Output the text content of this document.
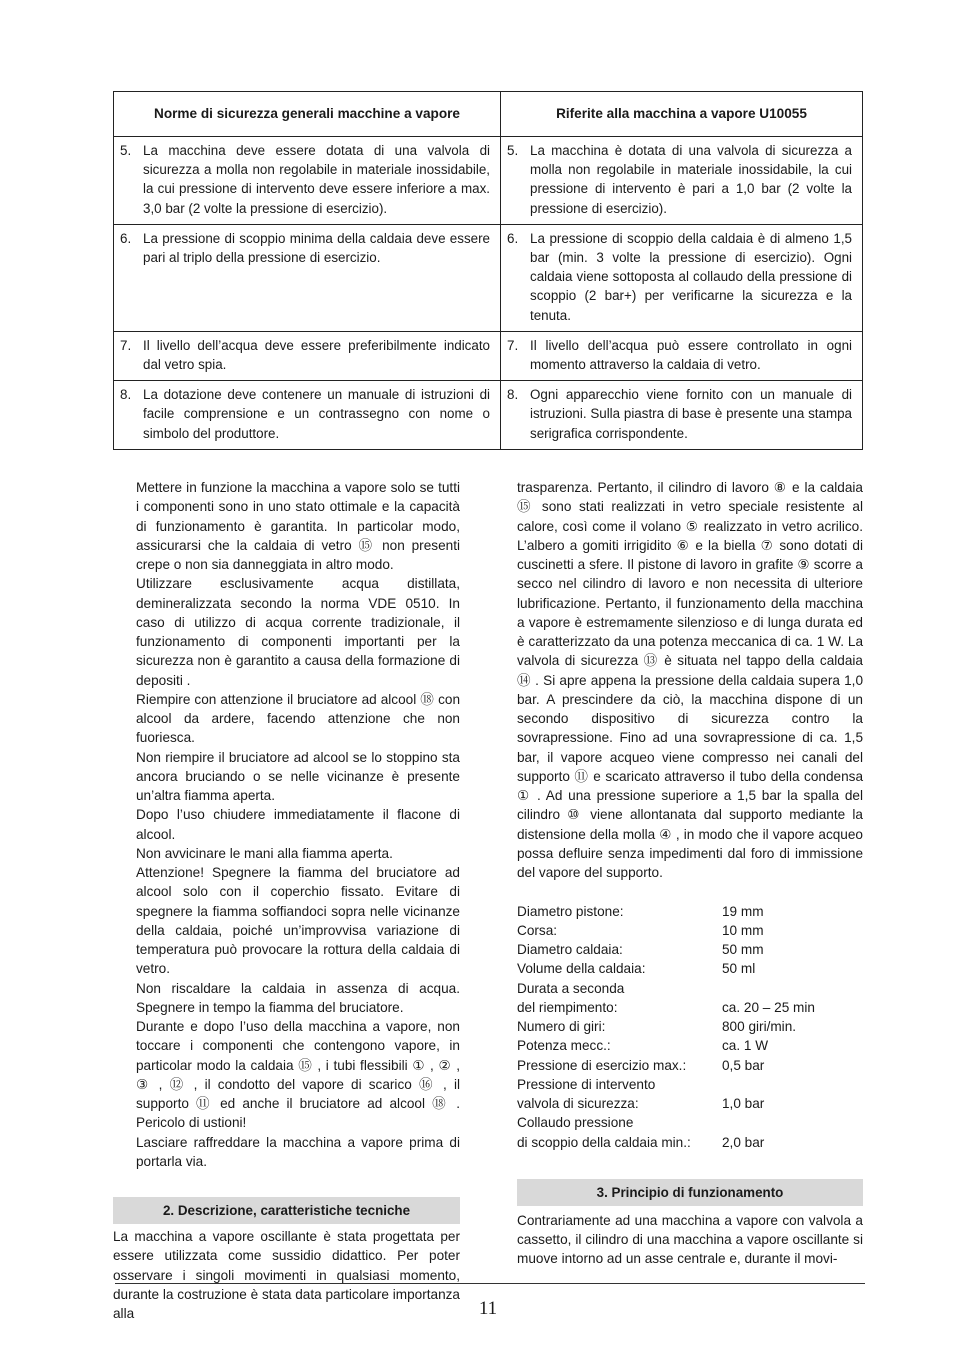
Norme di sicurezza generali macchine a vapore	Riferite alla macchina a vapore U10055

5. La macchina deve essere dotata di una valvola di sicurezza a molla non regolabile in materiale inossidabile, la cui pressione di intervento deve essere inferiore a max. 3,0 bar (2 volte la pressione di esercizio).	5. La macchina è dotata di una valvola di sicurezza a molla non regolabile in materiale inossidabile, la cui pressione di intervento è pari a 1,0 bar (2 volte la pressione di esercizio).

6. La pressione di scoppio minima della caldaia deve essere pari al triplo della pressione di esercizio.	6. La pressione di scoppio della caldaia è di almeno 1,5 bar (min. 3 volte la pressione di esercizio). Ogni caldaia viene sottoposta al collaudo della pressione di scoppio (2 bar+) per verificarne la sicurezza e la tenuta.

7. Il livello dell’acqua deve essere preferibilmente indicato dal vetro spia.	7. Il livello dell’acqua può essere controllato in ogni momento attraverso la caldaia di vetro.

8. La dotazione deve contenere un manuale di istruzioni di facile comprensione e un contrassegno con nome o simbolo del produttore.	8. Ogni apparecchio viene fornito con un manuale di istruzioni. Sulla piastra di base è presente una stampa serigrafica corrispondente.

Mettere in funzione la macchina a vapore solo se tutti i componenti sono in uno stato ottimale e la capacità di funzionamento è garantita. In particolar modo, assicurarsi che la caldaia di vetro ⑮ non presenti crepe o non sia danneggiata in altro modo.

Utilizzare esclusivamente acqua distillata, demineralizzata secondo la norma VDE 0510. In caso di utilizzo di acqua corrente tradizionale, il funzionamento di componenti importanti per la sicurezza non è garantito a causa della formazione di depositi .

Riempire con attenzione il bruciatore ad alcool ⑱ con alcool da ardere, facendo attenzione che non fuoriesca.

Non riempire il bruciatore ad alcool se lo stoppino sta ancora bruciando o se nelle vicinanze è presente un’altra fiamma aperta.

Dopo l’uso chiudere immediatamente il flacone di alcool.

Non avvicinare le mani alla fiamma aperta.

Attenzione! Spegnere la fiamma del bruciatore ad alcool solo con il coperchio fissato. Evitare di spegnere la fiamma soffiandoci sopra nelle vicinanze della caldaia, poiché un’improvvisa variazione di temperatura può provocare la rottura della caldaia di vetro.

Non riscaldare la caldaia in assenza di acqua. Spegnere in tempo la fiamma del bruciatore.

Durante e dopo l’uso della macchina a vapore, non toccare i componenti che contengono vapore, in particolar modo la caldaia ⑮ , i tubi flessibili ① , ② , ③ , ⑫ , il condotto del vapore di scarico ⑯ , il supporto ⑪ ed anche il bruciatore ad alcool ⑱ . Pericolo di ustioni!

Lasciare raffreddare la macchina a vapore prima di portarla via.

2. Descrizione, caratteristiche tecniche

La macchina a vapore oscillante è stata progettata per essere utilizzata come sussidio didattico. Per poter osservare i singoli movimenti in qualsiasi momento, durante la costruzione è stata data particolare importanza alla

trasparenza. Pertanto, il cilindro di lavoro ⑧ e la caldaia ⑮ sono stati realizzati in vetro speciale resistente al calore, così come il volano ⑤ realizzato in vetro acrilico. L’albero a gomiti irrigidito ⑥ e la biella ⑦ sono dotati di cuscinetti a sfere. Il pistone di lavoro in grafite ⑨ scorre a secco nel cilindro di lavoro e non necessita di ulteriore lubrificazione. Pertanto, il funzionamento della macchina a vapore è estremamente silenzioso e di lunga durata ed è caratterizzato da una potenza meccanica di ca. 1 W. La valvola di sicurezza ⑬ è situata nel tappo della caldaia ⑭ . Si apre appena la pressione della caldaia supera 1,0 bar. A prescindere da ciò, la macchina dispone di un secondo dispositivo di sicurezza contro la sovrapressione. Fino ad una sovrapressione di ca. 1,5 bar, il vapore acqueo viene compresso nei canali del supporto ⑪ e scaricato attraverso il tubo della condensa ① . Ad una pressione superiore a 1,5 bar la spalla del cilindro ⑩ viene allontanata dal supporto mediante la distensione della molla ④ , in modo che il vapore acqueo possa defluire senza impedimenti dal foro di immissione del vapore del supporto.

Diametro pistone:	19 mm
Corsa:	10 mm
Diametro caldaia:	50 mm
Volume della caldaia:	50 ml
Durata a seconda
del riempimento:	ca. 20 – 25 min
Numero di giri:	800 giri/min.
Potenza mecc.:	ca. 1 W
Pressione di esercizio max.:	0,5 bar
Pressione di intervento
valvola di sicurezza:	1,0 bar
Collaudo pressione
di scoppio della caldaia min.:	2,0 bar
3. Principio di funzionamento

Contrariamente ad una macchina a vapore con valvola a cassetto, il cilindro di una macchina a vapore oscillante si muove intorno ad un asse centrale e, durante il movi-

11
